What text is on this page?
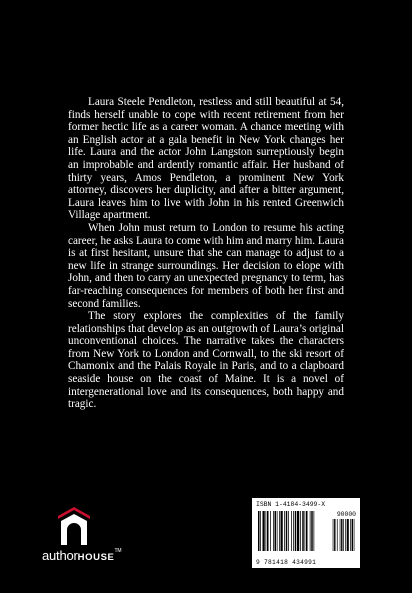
Laura Steele Pendleton, restless and still beautiful at 54, finds herself unable to cope with recent retirement from her former hectic life as a career woman. A chance meeting with an English actor at a gala benefit in New York changes her life. Laura and the actor John Langston surreptiously begin an improbable and ardently romantic affair. Her husband of thirty years, Amos Pendleton, a prominent New York attorney, discovers her duplicity, and after a bitter argument, Laura leaves him to live with John in his rented Greenwich Village apartment.

When John must return to London to resume his acting career, he asks Laura to come with him and marry him. Laura is at first hesitant, unsure that she can manage to adjust to a new life in strange surroundings. Her decision to elope with John, and then to carry an unexpected pregnancy to term, has far-reaching consequences for members of both her first and second families.

The story explores the complexities of the family relationships that develop as an outgrowth of Laura’s original unconventional choices. The narrative takes the characters from New York to London and Cornwall, to the ski resort of Chamonix and the Palais Royale in Paris, and to a clapboard seaside house on the coast of Maine. It is a novel of intergenerational love and its consequences, both happy and tragic.

authorHOUSE™
ISBN 1-4184-3499-X
90000
9 781418 434991
